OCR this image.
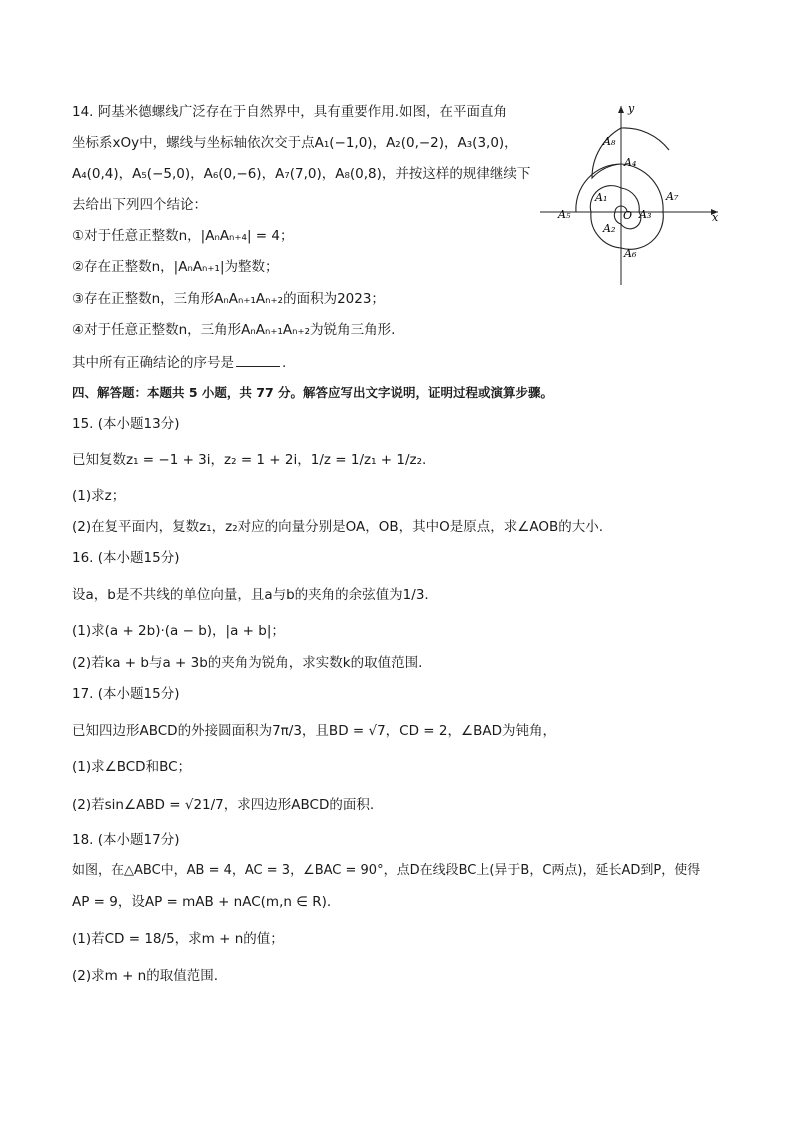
14. 阿基米德螺线广泛存在于自然界中，具有重要作用.如图，在平面直角
坐标系xOy中，螺线与坐标轴依次交于点A₁(−1,0)，A₂(0,−2)，A₃(3,0)，
A₄(0,4)，A₅(−5,0)，A₆(0,−6)，A₇(7,0)，A₈(0,8)，并按这样的规律继续下
去给出下列四个结论：
①对于任意正整数n，|AₙAₙ₊₄| = 4；
②存在正整数n，|AₙAₙ₊₁|为整数；
③存在正整数n，三角形AₙAₙ₊₁Aₙ₊₂的面积为2023；
④对于任意正整数n，三角形AₙAₙ₊₁Aₙ₊₂为锐角三角形.
其中所有正确结论的序号是	.
x
y
O
A₁
A₂
A₃
A₄
A₅
A₆
A₇
A₈
四、解答题：本题共 5 小题，共 77 分。解答应写出文字说明，证明过程或演算步骤。
15. (本小题13分)
已知复数z₁ = −1 + 3i，z₂ = 1 + 2i，1/z = 1/z₁ + 1/z₂.
(1)求z；
(2)在复平面内，复数z₁，z₂对应的向量分别是OA，OB，其中O是原点，求∠AOB的大小.
16. (本小题15分)
设a，b是不共线的单位向量，且a与b的夹角的余弦值为1/3.
(1)求(a + 2b)·(a − b)，|a + b|；
(2)若ka + b与a + 3b的夹角为锐角，求实数k的取值范围.
17. (本小题15分)
已知四边形ABCD的外接圆面积为7π/3，且BD = √7，CD = 2，∠BAD为钝角，
(1)求∠BCD和BC；
(2)若sin∠ABD = √21/7，求四边形ABCD的面积.
18. (本小题17分)
如图，在△ABC中，AB = 4，AC = 3，∠BAC = 90°，点D在线段BC上(异于B，C两点)，延长AD到P，使得
AP = 9，设AP = mAB + nAC(m,n ∈ R).
(1)若CD = 18/5，求m + n的值；
(2)求m + n的取值范围.
